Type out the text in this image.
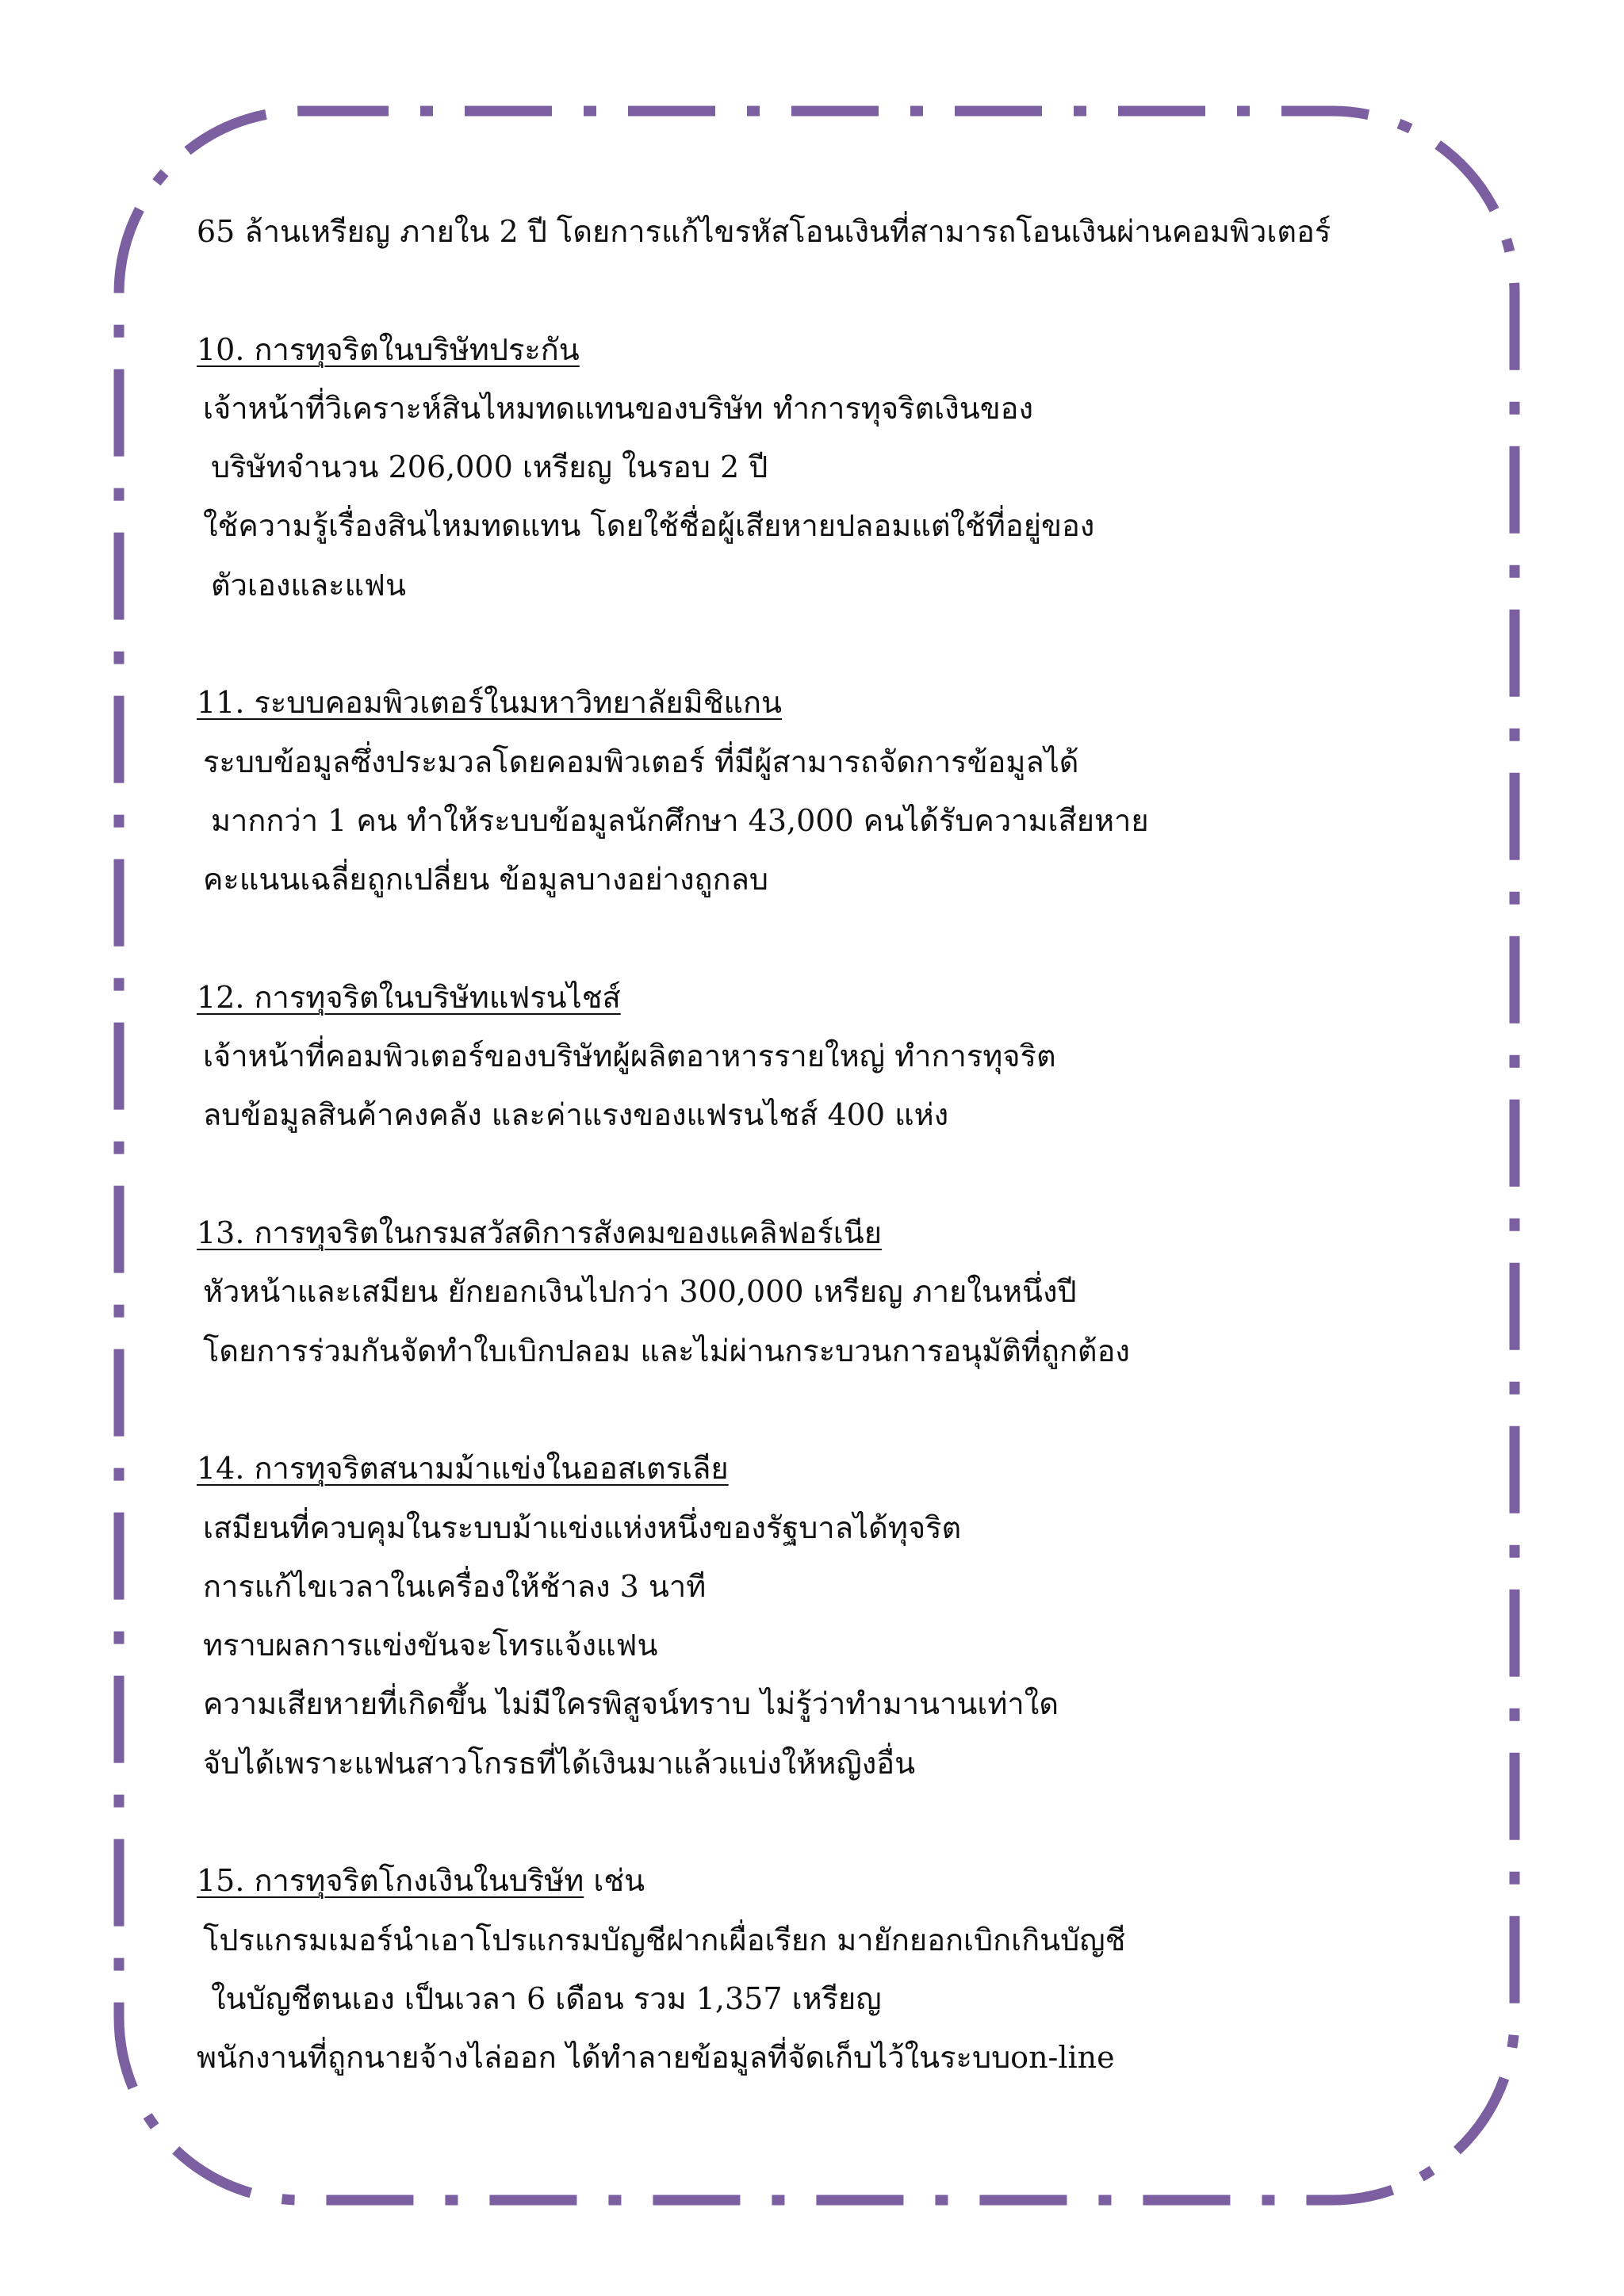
65 ล้านเหรียญ ภายใน 2 ปี โดยการแก้ไขรหัสโอนเงินที่สามารถโอนเงินผ่านคอมพิวเตอร์
10. การทุจริตในบริษัทประกัน
เจ้าหน้าที่วิเคราะห์สินไหมทดแทนของบริษัท ทำการทุจริตเงินของ
บริษัทจำนวน 206,000 เหรียญ ในรอบ 2 ปี
ใช้ความรู้เรื่องสินไหมทดแทน โดยใช้ชื่อผู้เสียหายปลอมแต่ใช้ที่อยู่ของ
ตัวเองและแฟน
11. ระบบคอมพิวเตอร์ในมหาวิทยาลัยมิชิแกน
ระบบข้อมูลซึ่งประมวลโดยคอมพิวเตอร์ ที่มีผู้สามารถจัดการข้อมูลได้
มากกว่า 1 คน ทำให้ระบบข้อมูลนักศึกษา 43,000 คนได้รับความเสียหาย
คะแนนเฉลี่ยถูกเปลี่ยน ข้อมูลบางอย่างถูกลบ
12. การทุจริตในบริษัทแฟรนไชส์
เจ้าหน้าที่คอมพิวเตอร์ของบริษัทผู้ผลิตอาหารรายใหญ่ ทำการทุจริต
ลบข้อมูลสินค้าคงคลัง และค่าแรงของแฟรนไชส์ 400 แห่ง
13. การทุจริตในกรมสวัสดิการสังคมของแคลิฟอร์เนีย
หัวหน้าและเสมียน ยักยอกเงินไปกว่า 300,000 เหรียญ ภายในหนึ่งปี
โดยการร่วมกันจัดทำใบเบิกปลอม และไม่ผ่านกระบวนการอนุมัติที่ถูกต้อง
14. การทุจริตสนามม้าแข่งในออสเตรเลีย
เสมียนที่ควบคุมในระบบม้าแข่งแห่งหนึ่งของรัฐบาลได้ทุจริต
การแก้ไขเวลาในเครื่องให้ช้าลง 3 นาที
ทราบผลการแข่งขันจะโทรแจ้งแฟน
ความเสียหายที่เกิดขึ้น ไม่มีใครพิสูจน์ทราบ ไม่รู้ว่าทำมานานเท่าใด
จับได้เพราะแฟนสาวโกรธที่ได้เงินมาแล้วแบ่งให้หญิงอื่น
15. การทุจริตโกงเงินในบริษัท เช่น
โปรแกรมเมอร์นำเอาโปรแกรมบัญชีฝากเผื่อเรียก มายักยอกเบิกเกินบัญชี
ในบัญชีตนเอง เป็นเวลา 6 เดือน รวม 1,357 เหรียญ
พนักงานที่ถูกนายจ้างไล่ออก ได้ทำลายข้อมูลที่จัดเก็บไว้ในระบบon-line
